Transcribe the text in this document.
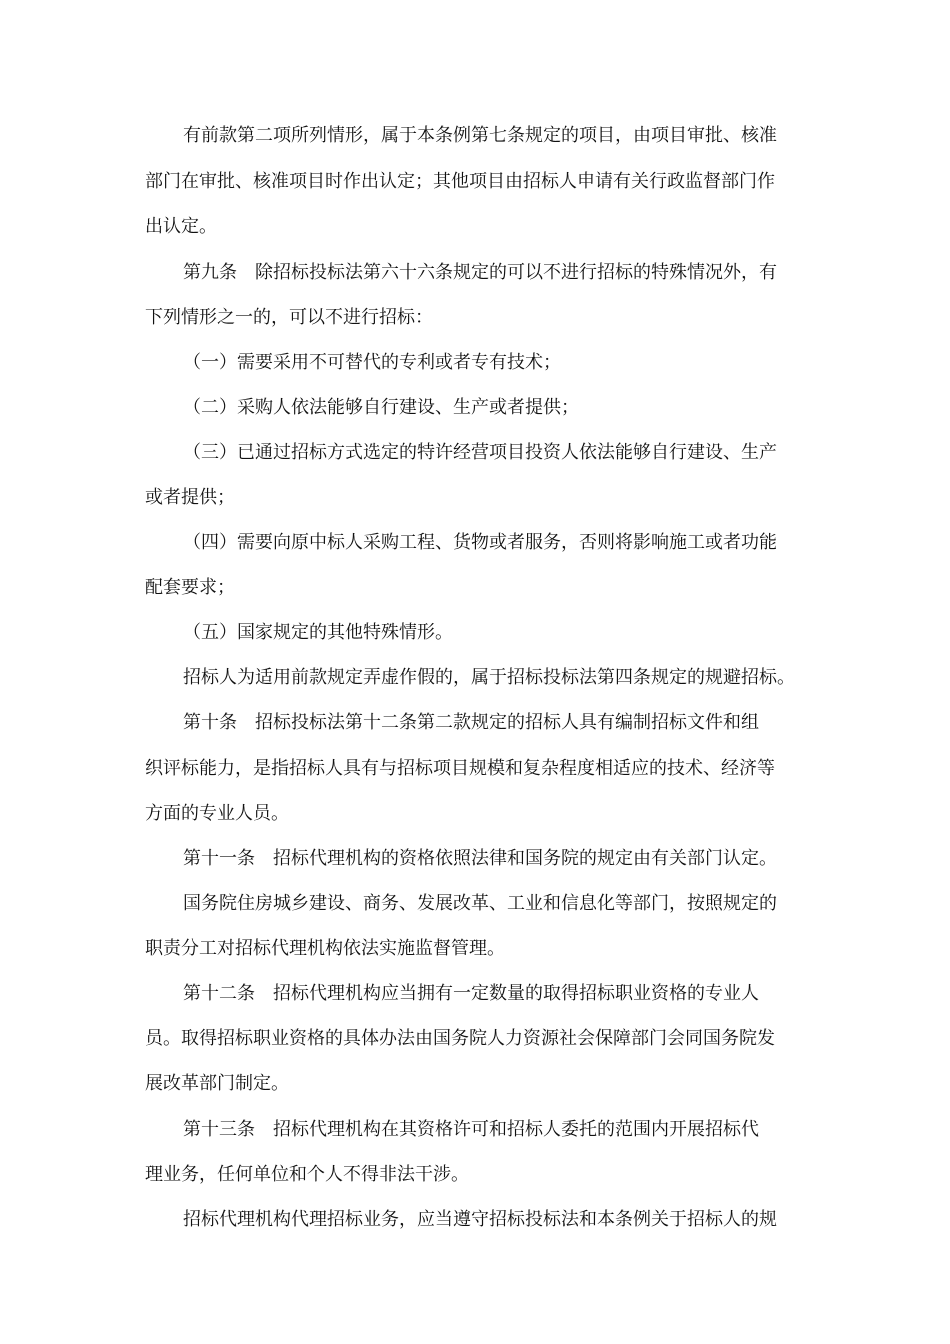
有前款第二项所列情形，属于本条例第七条规定的项目，由项目审批、核准
部门在审批、核准项目时作出认定；其他项目由招标人申请有关行政监督部门作
出认定。
第九条　除招标投标法第六十六条规定的可以不进行招标的特殊情况外，有
下列情形之一的，可以不进行招标：
（一）需要采用不可替代的专利或者专有技术；
（二）采购人依法能够自行建设、生产或者提供；
（三）已通过招标方式选定的特许经营项目投资人依法能够自行建设、生产
或者提供；
（四）需要向原中标人采购工程、货物或者服务，否则将影响施工或者功能
配套要求；
（五）国家规定的其他特殊情形。
招标人为适用前款规定弄虚作假的，属于招标投标法第四条规定的规避招标。
第十条　招标投标法第十二条第二款规定的招标人具有编制招标文件和组
织评标能力，是指招标人具有与招标项目规模和复杂程度相适应的技术、经济等
方面的专业人员。
第十一条　招标代理机构的资格依照法律和国务院的规定由有关部门认定。
国务院住房城乡建设、商务、发展改革、工业和信息化等部门，按照规定的
职责分工对招标代理机构依法实施监督管理。
第十二条　招标代理机构应当拥有一定数量的取得招标职业资格的专业人
员。取得招标职业资格的具体办法由国务院人力资源社会保障部门会同国务院发
展改革部门制定。
第十三条　招标代理机构在其资格许可和招标人委托的范围内开展招标代
理业务，任何单位和个人不得非法干涉。
招标代理机构代理招标业务，应当遵守招标投标法和本条例关于招标人的规
